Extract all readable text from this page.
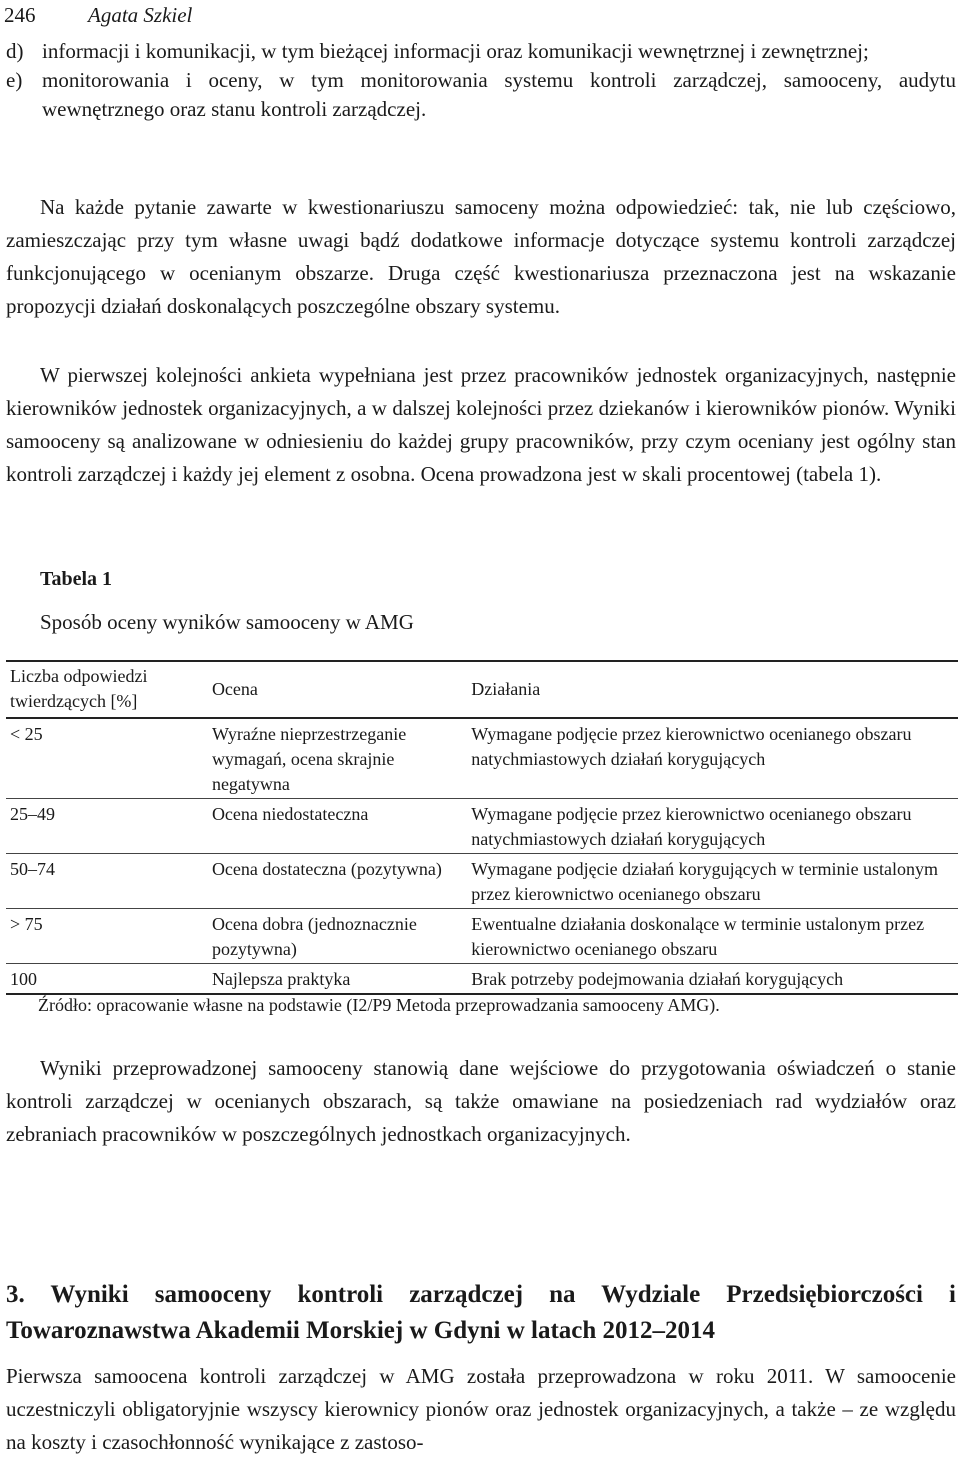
246	Agata Szkiel
d) informacji i komunikacji, w tym bieżącej informacji oraz komunikacji wewnętrznej i zewnętrznej;
e) monitorowania i oceny, w tym monitorowania systemu kontroli zarządczej, samooceny, audytu wewnętrznego oraz stanu kontroli zarządczej.

Na każde pytanie zawarte w kwestionariuszu samoceny można odpowiedzieć: tak, nie lub częściowo, zamieszczając przy tym własne uwagi bądź dodatkowe informacje dotyczące systemu kontroli zarządczej funkcjonującego w ocenianym obszarze. Druga część kwestionariusza przeznaczona jest na wskazanie propozycji działań doskonalących poszczególne obszary systemu.

W pierwszej kolejności ankieta wypełniana jest przez pracowników jednostek organizacyjnych, następnie kierowników jednostek organizacyjnych, a w dalszej kolejności przez dziekanów i kierowników pionów. Wyniki samooceny są analizowane w odniesieniu do każdej grupy pracowników, przy czym oceniany jest ogólny stan kontroli zarządczej i każdy jej element z osobna. Ocena prowadzona jest w skali procentowej (tabela 1).

Tabela 1
Sposób oceny wyników samooceny w AMG
Liczba odpowiedzi twierdzących [%]	Ocena	Działania
< 25	Wyraźne nieprzestrzeganie wymagań, ocena skrajnie negatywna	Wymagane podjęcie przez kierownictwo ocenianego obszaru natychmiastowych działań korygujących
25–49	Ocena niedostateczna	Wymagane podjęcie przez kierownictwo ocenianego obszaru natychmiastowych działań korygujących
50–74	Ocena dostateczna (pozytywna)	Wymagane podjęcie działań korygujących w terminie ustalonym przez kierownictwo ocenianego obszaru
> 75	Ocena dobra (jednoznacznie pozytywna)	Ewentualne działania doskonalące w terminie ustalonym przez kierownictwo ocenianego obszaru
100	Najlepsza praktyka	Brak potrzeby podejmowania działań korygujących
Źródło: opracowanie własne na podstawie (I2/P9 Metoda przeprowadzania samooceny AMG).

Wyniki przeprowadzonej samooceny stanowią dane wejściowe do przygotowania oświadczeń o stanie kontroli zarządczej w ocenianych obszarach, są także omawiane na posiedzeniach rad wydziałów oraz zebraniach pracowników w poszczególnych jednostkach organizacyjnych.

3. Wyniki samooceny kontroli zarządczej na Wydziale Przedsiębiorczości i Towaroznawstwa Akademii Morskiej w Gdyni w latach 2012–2014

Pierwsza samoocena kontroli zarządczej w AMG została przeprowadzona w roku 2011. W samoocenie uczestniczyli obligatoryjnie wszyscy kierownicy pionów oraz jednostek organizacyjnych, a także – ze względu na koszty i czasochłonność wynikające z zastoso-
